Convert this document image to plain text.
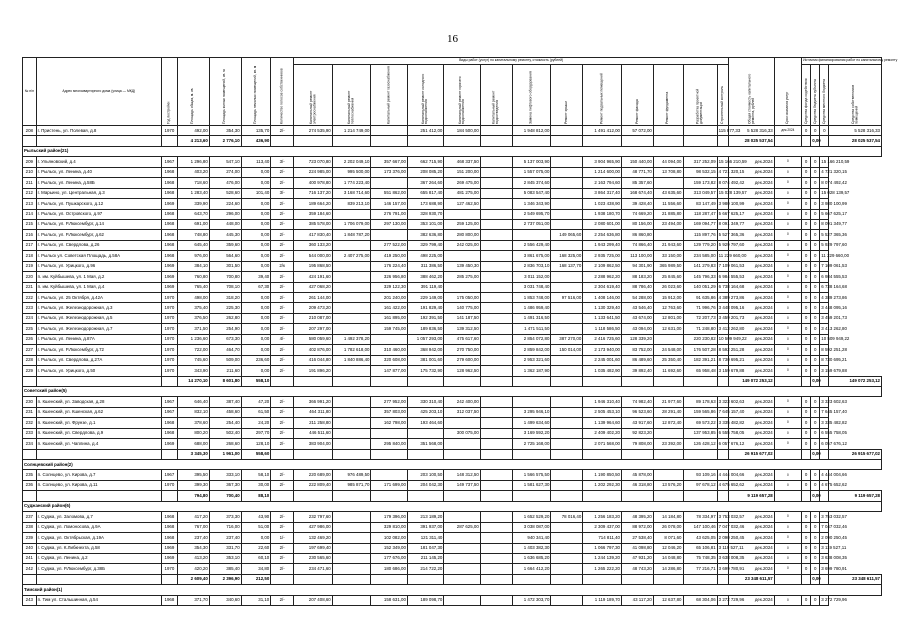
16
№ п/п	Адрес многоквартирного дома (улица — МКД)	Год постройки	Площадь общая, м. кв.	Площадь жилых помещений, кв. м	Площадь нежилых помещений, кв. м	Количество голосов собственников	Виды работ (услуг) по капитальному ремонту, стоимость (рублей)													Общая стоимость капитального ремонта, рублей	Срок оказания услуг	Источник финансирования работ по капитальному ремонту			
							Капитальный ремонт электроснабжения	Капитальный ремонт теплоснабжения	Капитальный ремонт газоснабжения	Капитальный ремонт холодного водоснабжения	Капитальный ремонт горячего водоснабжения	Капитальный ремонт водоотведения	Замена лифтового оборудования	Ремонт крыши	Ремонт подвальных помещений	Ремонт фасада	Ремонт фундамента	Разработка проектной документации	Строительный контроль			Средства фонда содействия	Средства бюджета субъекта	Средства местного бюджета	Средства собственников помещений
208	г. Пристень, ул. Полевая, д.8	1970	492,00	354,30	135,70	2/-	274 535,90	1 214 749,00		251 412,00	184 500,00		1 948 812,00		1 491 412,00	57 072,00			115 877,33	5 528 316,33	дек.2024	0	0	0	5 528 316,33
			4 213,60	2 776,10	436,90															28 025 537,54			0,00		28 025 537,54
Рыльский район(21)																									
209	г. Ульяновский, д.4	1967	1 296,80	547,10	113,40	3/-	723 070,80	2 202 049,10	357 667,00	662 715,90	468 337,50		5 137 003,90		3 904 965,90	150 440,00	44 094,00	317 252,09	15 166 210,59	дек.2024	0	0	0	15 166 210,59	
210	г. Рыльск, ул. Ленина, д.40	1968	403,20	274,00	0,00	2/-	224 985,00	995 500,00	173 376,00	208 085,20	151 200,00		1 557 075,00		1 214 600,00	48 771,70	13 708,80	98 532,15	4 721 320,15	дек.2024	0	0	0	4 721 320,15	
211	г. Рыльск, ул. Ленина, д.58Б	1968	718,60	476,00	0,00	2/-	400 978,80	1 774 223,40		367 264,60	269 475,00		2 845 374,60		2 163 794,60	85 357,60		159 173,82	8 074 492,42	дек.2024	0	0	0	8 074 492,42	
212	г. Марьино, ул. Центральная, д.3	1968	1 283,40	528,60	101,40	3/-	716 137,20	3 168 714,60	551 862,00	655 817,40	481 275,00		5 083 547,40		3 864 317,40	168 674,40	43 635,60	313 049,57	15 028 139,57	дек.2024	0	0	0	15 028 139,57	
213	г. Рыльск, ул. Пушкарского, д.12	1969	339,90	224,60	0,00	2/-	189 664,20	839 213,10	146 157,00	173 688,90	127 462,50		1 346 343,90		1 023 438,90	39 428,40	11 556,60	83 147,49	3 980 100,99	дек.2024	0	0	0	3 980 100,99	
214	г. Рыльск, ул. Островского, д.97	1968	643,70	296,00	0,00	2/-	359 184,60		276 791,00	328 930,70			2 549 695,70		1 938 180,70	74 669,20	21 885,80	118 287,47	5 667 625,17	дек.2024	0	0	0	5 667 625,17	
215	г. Рыльск, ул. Р.Люксембург, д.14	1968	691,00	448,00	0,00	2/-	385 578,00	1 706 079,00	297 130,00	353 101,00	259 125,00		2 737 051,00		2 080 601,00	80 156,00	23 494,00	169 094,77	8 091 349,77	дек.2024	0	0	0	8 091 349,77	
216	г. Рыльск, ул. Р.Люксембург, д.62	1968	748,80	445,30	0,00	2/-	417 830,40	1 848 787,20		382 636,80	280 800,00			149 065,60	2 254 636,80	86 860,80		115 897,76	5 527 365,36	дек.2024	0	0	0	5 527 365,36	
217	г. Рыльск, ул. Свердлова, д.26	1968	645,40	359,60	0,00	2/-	360 133,20		277 522,00	329 799,40	242 025,00		2 556 429,40		1 943 299,40	74 866,40	21 943,60	129 779,20	5 929 797,60	дек.2024	0	0	0	5 929 797,60	
218	г. Рыльск ул. Советская Площадь, д.58А	1968	976,00	564,60	0,00	2/-	544 000,00	2 407 275,00	419 250,00	498 225,00			3 861 675,00	168 325,00	2 935 725,00	113 100,00	33 150,00	234 585,00	11 229 660,00	дек.2024	0	0	0	11 229 660,00	
219	г. Рыльск, ул. Урицкого, д.96	1969	384,10	301,50	0,00	2/к	195 868,50		176 224,40	311 386,50	139 450,30		2 836 703,10	168 137,70	2 109 862,50	94 301,90	365 989,50	141 279,83	7 109 061,53	дек.2024	0	0	0	7 109 061,53	
220	п. им. Куйбышева, ул. 1 Мая, д.2	1969	760,80	700,80	39,40	2/-	424 191,60		326 956,80	388 462,20	285 275,00		3 011 152,00		2 288 962,20	88 183,20	25 845,60	145 796,33	6 984 555,53	дек.2024	0	0	0	6 984 555,53	
221	п. им. Куйбышева, ул. 1 Мая, д.4	1969	765,40	708,10	67,30	2/-	427 068,20		329 122,30	391 119,40			3 031 748,40		2 304 619,40	88 786,40	26 023,60	140 051,29	6 738 164,68	дек.2024	0	0	0	6 738 164,68	
222	г. Рыльск, ул. 25 Октября, д.42А	1970	498,00	318,20	0,00	2/-	261 144,00		201 240,00	229 149,00	175 050,00		1 853 748,00	97 516,00	1 408 146,00	54 288,00	15 912,00	91 635,86	4 389 273,86	дек.2024	0	0	0	4 389 273,86	
223	г. Рыльск, ул. Железнодорожная, д.3	1970	375,40	225,30	0,00	2/-	209 473,20		161 422,00	191 829,40	140 775,00		1 486 959,40		1 130 329,40	43 546,40	12 763,60	71 996,76	3 448 095,16	дек.2024	0	0	0	3 448 095,16	
224	г. Рыльск, ул. Железнодорожная, д.5	1970	376,50	262,80	0,00	2/-	210 087,00		161 895,00	192 391,50	141 187,50		1 491 316,50		1 133 641,50	43 674,00	12 801,00	72 207,73	3 459 201,73	дек.2024	0	0	0	3 459 201,73	
225	г. Рыльск, ул. Железнодорожная, д.7	1970	371,50	254,90	0,00	2/-	207 297,00		159 745,00	189 836,50	139 312,50		1 471 511,50		1 118 586,50	43 094,00	12 631,00	71 248,80	3 413 262,80	дек.2024	0	0	0	3 413 262,80	
226	г. Рыльск, ул. Ленина, д.87А	1970	1 236,60	673,30	0,00	4/-	580 059,60	1 492 378,20		1 057 293,00	475 617,60		2 854 072,80	387 270,00	2 416 725,60	128 339,20		220 230,82	10 509 949,22	дек.2024	0	0	0	10 509 949,22	
227	г. Рыльск, ул. Р.Люксембург, д.72	1970	722,00	464,70	0,00	2/-	402 876,00	1 782 618,00	310 460,00	368 942,00	270 750,00		2 859 842,00	150 014,00	2 173 940,00	83 752,00	24 548,00	176 507,28	8 592 251,28	дек.2024	0	0	0	8 592 251,28	
228	г. Рыльск, ул. Свердлова, д.27А	1970	745,60	509,00	236,60	2/-	416 044,80	1 840 886,40	320 608,00	381 001,60	279 600,00		2 953 321,60		2 245 001,60	86 489,60	25 350,40	182 391,21	8 730 695,21	дек.2024	0	0	0	8 730 695,21	
229	г. Рыльск, ул. Урицкого, д.50	1970	343,90	211,60	0,00	2/-	191 896,20		147 877,00	175 732,90	128 962,50		1 362 187,90		1 035 482,90	39 892,40	11 692,60	65 958,48	3 159 679,88	дек.2024	0	0	0	3 159 679,88	
			14 270,10	8 601,80	558,10															149 072 253,12			0,00		149 072 253,12
Советский район(5)																									
230	п. Кшенский, ул. Заводская, д.28	1967	646,40	387,40	47,20	2/-	366 991,20		277 952,00	330 310,40	242 400,00				1 946 310,40	74 982,40	21 977,60	89 178,63	3 323 602,63	дек.2024	0	0	0	3 323 602,63	
231	п. Кшенский, ул. Кшенская, д.62	1967	832,10	458,60	61,50	2/-	464 311,80		357 803,00	425 203,10	312 037,50		3 295 946,10		2 505 453,10	96 523,60	28 291,40	159 565,86	7 645 157,40	дек.2024	0	0	0	7 645 157,40	
232	п. Кшенский, ул. Фрунзе, д.1	1968	378,60	254,40	24,20	2/-	211 258,80		162 798,00	193 464,60			1 499 634,60		1 139 964,60	43 917,60	12 872,40	69 573,22	3 335 482,82	дек.2024	0	0	0	3 335 482,82	
233	п. Кшенский, ул. Свердлова, д.9	1968	800,20	502,40	297,70	2/-	446 511,60				300 075,00		3 169 592,20		2 409 402,20	92 823,20		137 953,85	6 555 758,05	дек.2024	0	0	0	6 555 758,05	
234	п. Кшенский, ул. Чаплина, д.4	1969	688,00	268,60	128,10	2/-	383 904,00		295 840,00	351 568,00			2 725 168,00		2 071 568,00	79 808,00	23 392,00	126 428,12	6 057 676,12	дек.2024	0	0	0	6 057 676,12	
			3 345,30	1 961,00	558,60															26 915 677,02			0,00		26 915 677,02
Солнцевский район(2)																									
235	п. Солнцево, ул. Кирова, д.7	1967	395,50	333,10	58,10	2/-	220 689,00	976 489,50		203 100,50	148 312,50		1 566 575,50		1 190 850,50	45 878,00		93 109,16	4 444 004,66	дек.2024	0	0	0	4 444 004,66	
236	п. Солнцево, ул. Кирова, д.11	1970	399,30	367,30	30,00	2/-	222 809,40	985 871,70	171 699,00	204 042,30	149 737,50		1 581 627,30		1 202 292,30	46 318,80	13 576,20	97 678,12	4 675 652,62	дек.2024	0	0	0	4 675 652,62	
			794,80	700,40	88,10															9 119 657,28			0,00		9 119 657,28
Суджанский район(6)																									
237	г. Суджа, ул. Заломова, д.7	1968	417,20	373,30	43,90	2/-	232 797,60		179 396,00	213 189,20			1 652 529,20	78 016,40	1 256 183,20	48 395,20	14 184,80	78 334,97	3 753 032,57	дек.2024	0	0	0	3 753 032,57	
238	г. Суджа, ул. Ломоносова, д.9А	1968	767,00	716,00	51,00	2/-	427 986,00		329 810,00	391 937,00	287 625,00		3 038 087,00		2 309 437,00	88 972,00	26 078,00	147 100,46	7 047 032,46	дек.2024	0	0	0	7 047 032,46	
239	г. Суджа, ул. Октябрьская, д.19А	1968	237,40	237,40	0,00	1/-	132 469,20		102 082,00	121 311,40			940 341,40		714 811,40	27 538,40	8 071,60	43 625,05	2 090 250,45	дек.2024	0	0	0	2 090 250,45	
240	г. Суджа, ул. К.Либкнехта, д.58	1969	354,30	331,70	22,60	2/-	197 699,40		152 349,00	181 047,30			1 403 382,30		1 066 797,30	41 098,80	12 046,20	65 106,81	3 119 527,11	дек.2024	0	0	0	3 119 527,11	
241	г. Суджа, ул. Ленина, д.2	1969	413,20	353,10	60,10	2/-	230 565,60		177 676,00	211 145,20			1 636 685,20		1 244 139,20	47 931,20	14 048,80	75 748,35	3 638 008,35	дек.2024	0	0	0	3 638 008,35	
242	г. Суджа, ул. Р.Люксембург, д.38Б	1970	420,20	385,40	34,80	2/-	234 471,60		180 686,00	214 722,20			1 664 412,20		1 265 222,20	48 743,20	14 286,80	77 216,71	3 699 780,91	дек.2024	0	0	0	3 699 780,91	
			2 609,40	2 396,90	212,50															23 348 611,57			0,00		23 348 611,57
Тимский район(1)																									
243	п. Тим ул. Стальшинная, д.54	1968	371,70	340,60	31,10	2/-	207 408,60		158 631,00	189 098,70			1 472 303,70		1 119 189,70	43 117,20	12 637,80	68 304,06	3 272 729,96	дек.2024	0	0	0	3 272 729,96	
